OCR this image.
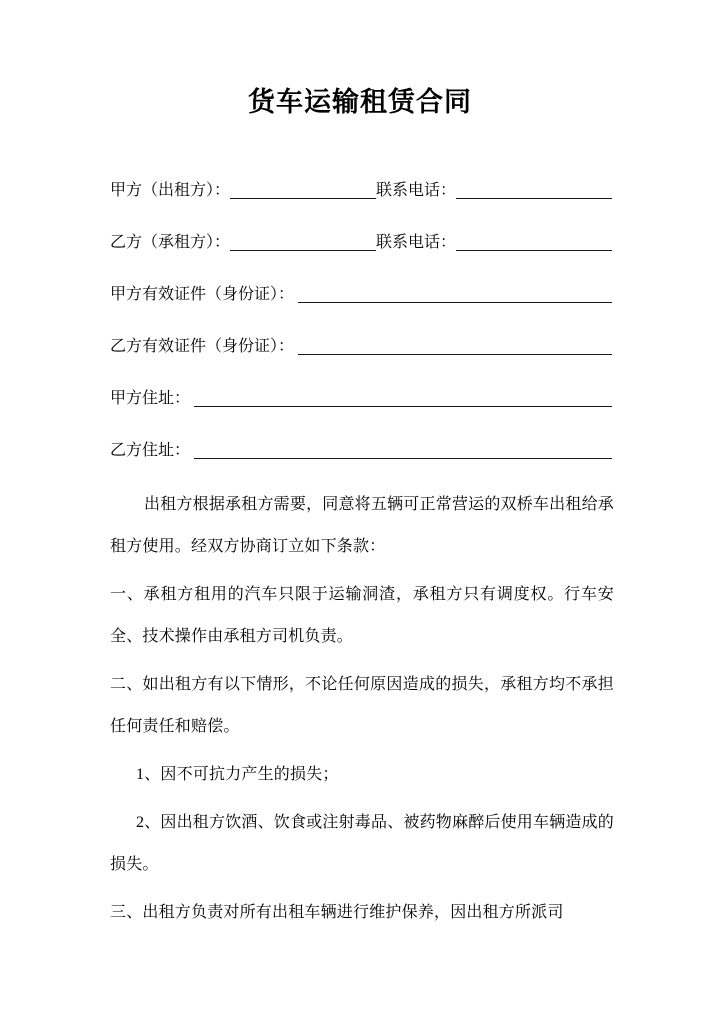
货车运输租赁合同
甲方（出租方）：	联系电话：
乙方（承租方）：	联系电话：
甲方有效证件（身份证）：
乙方有效证件（身份证）：
甲方住址：
乙方住址：

出租方根据承租方需要，同意将五辆可正常营运的双桥车出租给承租方使用。经双方协商订立如下条款：

一、承租方租用的汽车只限于运输洞渣，承租方只有调度权。行车安全、技术操作由承租方司机负责。

二、如出租方有以下情形，不论任何原因造成的损失，承租方均不承担任何责任和赔偿。

1、因不可抗力产生的损失；

2、因出租方饮酒、饮食或注射毒品、被药物麻醉后使用车辆造成的损失。

三、出租方负责对所有出租车辆进行维护保养，因出租方所派司
